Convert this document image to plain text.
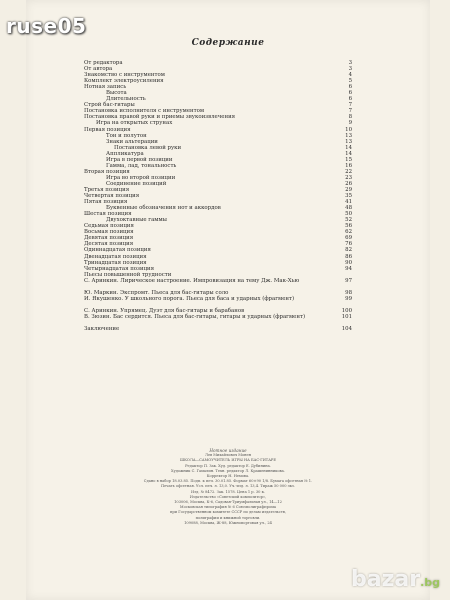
Содержание
От редактора	3
От автора	3
Знакомство с инструментом	4
Комплект электроусиления	5
Нотная запись	6
Высота	6
Длительность	6
Строй бас-гитары	7
Постановка исполнителя с инструментом	7
Постановка правой руки и приемы звукоизвлечения	8
Игра на открытых струнах	9
Первая позиция	10
Тон и полутон	13
Знаки альтерации	13
Постановка левой руки	14
Аппликатура	14
Игра в первой позиции	15
Гамма, лад, тональность	16
Вторая позиция	22
Игра во второй позиции	23
Соединение позиций	26
Третья позиция	29
Четвертая позиция	35
Пятая позиция	41
Буквенные обозначения нот и аккордов	48
Шестая позиция	50
Двухоктавные гаммы	52
Седьмая позиция	56
Восьмая позиция	62
Девятая позиция	69
Десятая позиция	76
Одиннадцатая позиция	82
Двенадцатая позиция	86
Тринадцатая позиция	90
Четырнадцатая позиция	94
Пьесы повышенной трудности
С. Аринкин. Лирическое настроение. Импровизация на тему Дж. Мак-Хью	97
Ю. Маркин. Экспромт. Пьеса для бас-гитары соло	98
И. Якушенко. У школьного порога. Пьеса для баса и ударных (фрагмент)	99
С. Аринкин. Упрямец. Дуэт для бас-гитары и барабанов	100
В. Зюзин. Бас сердится. Пьеса для бас-гитары, гитары и ударных (фрагмент)	101
Заключение	104
Нотное издание
Лев Михайлович Монен
ШКОЛА—САМОУЧИТЕЛЬ ИГРЫ НА БАС-ГИТАРЕ
Редактор П. Зак. Худ. редактор Е. Дубинина.
Художник С. Гамалин. Техн. редактор Л. Крашенинникова.
Корректор Н. Немова.
Сдано в набор 18.03.85. Подп. к печ. 30.01.85. Формат 60×90 1/8. Бумага офсетная № 1.
Печать офсетная. Усл. печ. л. 13,0. Уч.-изд. л. 13,4. Тираж 50 000 экз.
Изд. № 8472. Зак. 1578. Цена 1 р. 30 к.
Издательство «Советский композитор»,
103006, Москва, К-6, Садовая-Триумфальная ул., 14—12
Московская типография № 6 Союзполиграфпрома
при Государственном комитете СССР по делам издательств,
полиграфии и книжной торговли.
109088, Москва, Ж-88, Южнопортовая ул., 24
ruse05
bazar.bg
